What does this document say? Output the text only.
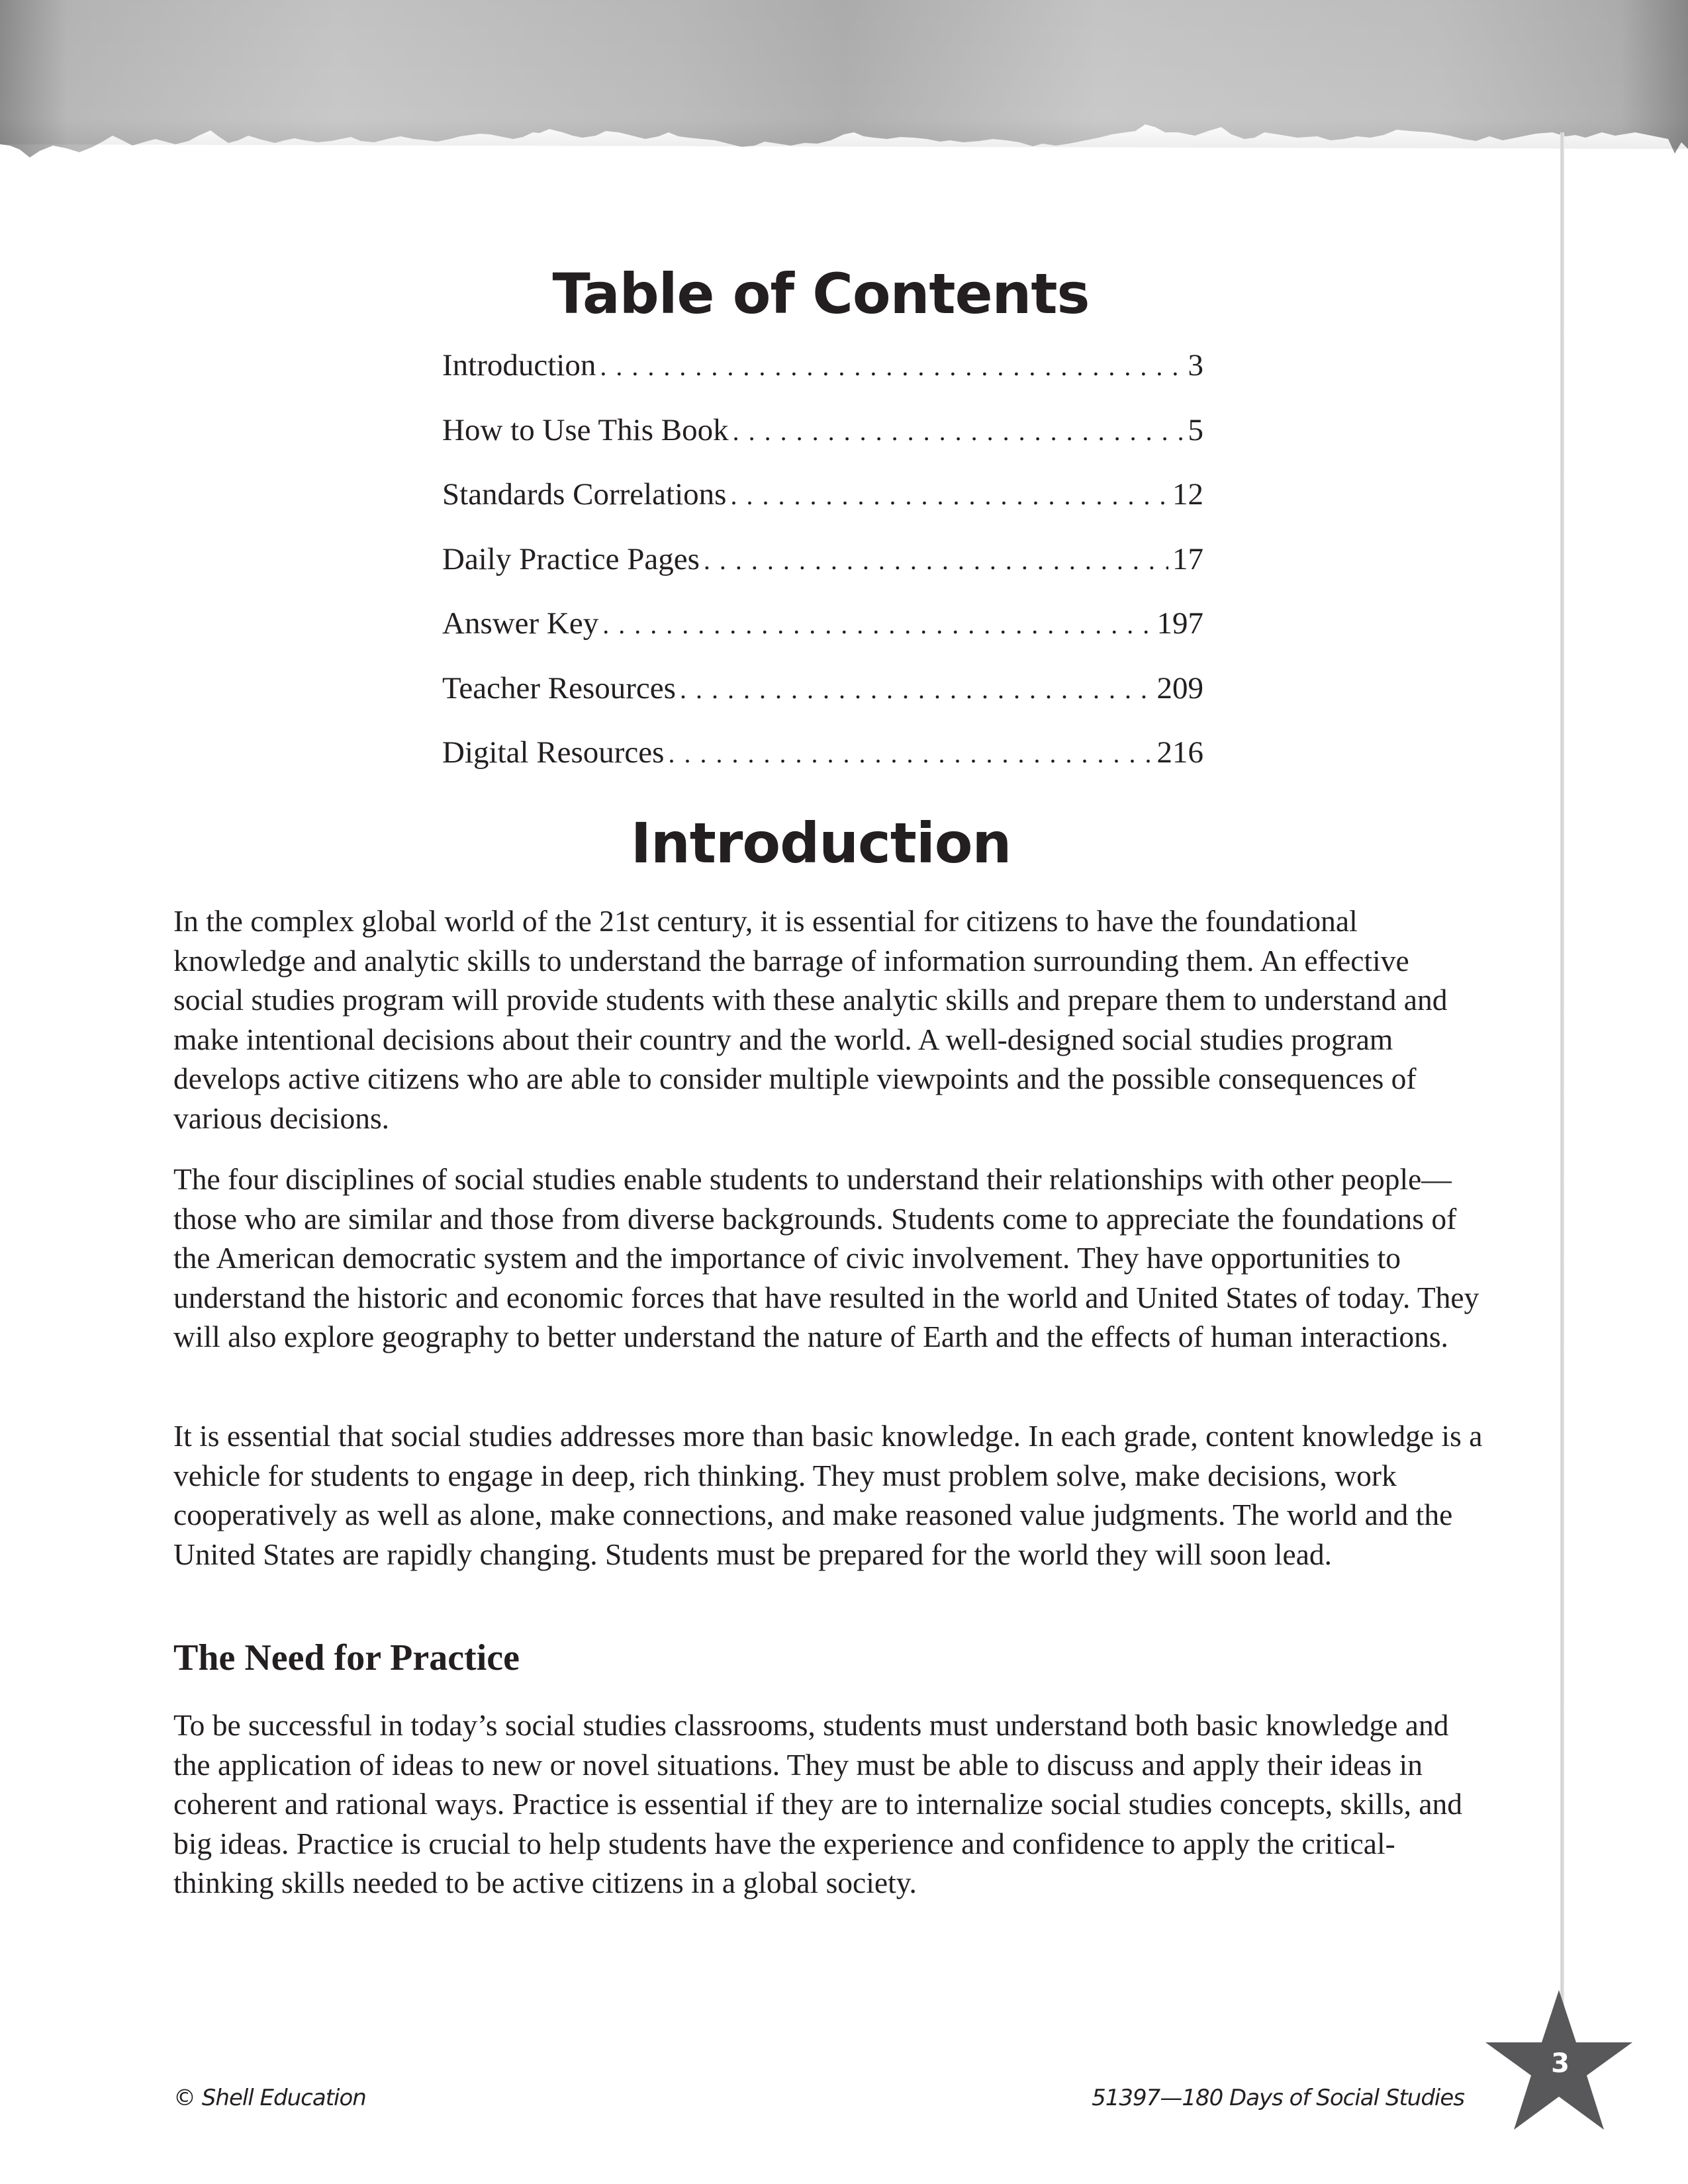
Table of Contents
Introduction . . .	3
How to Use This Book . . .	5
Standards Correlations . . .	12
Daily Practice Pages . . .	17
Answer Key . . .	197
Teacher Resources . . .	209
Digital Resources . . .	216
Introduction

In the complex global world of the 21st century, it is essential for citizens to have the foundational knowledge and analytic skills to understand the barrage of information surrounding them. An effective social studies program will provide students with these analytic skills and prepare them to understand and make intentional decisions about their country and the world. A well-designed social studies program develops active citizens who are able to consider multiple viewpoints and the possible consequences of various decisions.

The four disciplines of social studies enable students to understand their relationships with other people—those who are similar and those from diverse backgrounds. Students come to appreciate the foundations of the American democratic system and the importance of civic involvement. They have opportunities to understand the historic and economic forces that have resulted in the world and United States of today. They will also explore geography to better understand the nature of Earth and the effects of human interactions.

It is essential that social studies addresses more than basic knowledge. In each grade, content knowledge is a vehicle for students to engage in deep, rich thinking. They must problem solve, make decisions, work cooperatively as well as alone, make connections, and make reasoned value judgments. The world and the United States are rapidly changing. Students must be prepared for the world they will soon lead.

The Need for Practice

To be successful in today’s social studies classrooms, students must understand both basic knowledge and the application of ideas to new or novel situations. They must be able to discuss and apply their ideas in coherent and rational ways. Practice is essential if they are to internalize social studies concepts, skills, and big ideas. Practice is crucial to help students have the experience and confidence to apply the critical-thinking skills needed to be active citizens in a global society.

© Shell Education	51397—180 Days of Social Studies
3
